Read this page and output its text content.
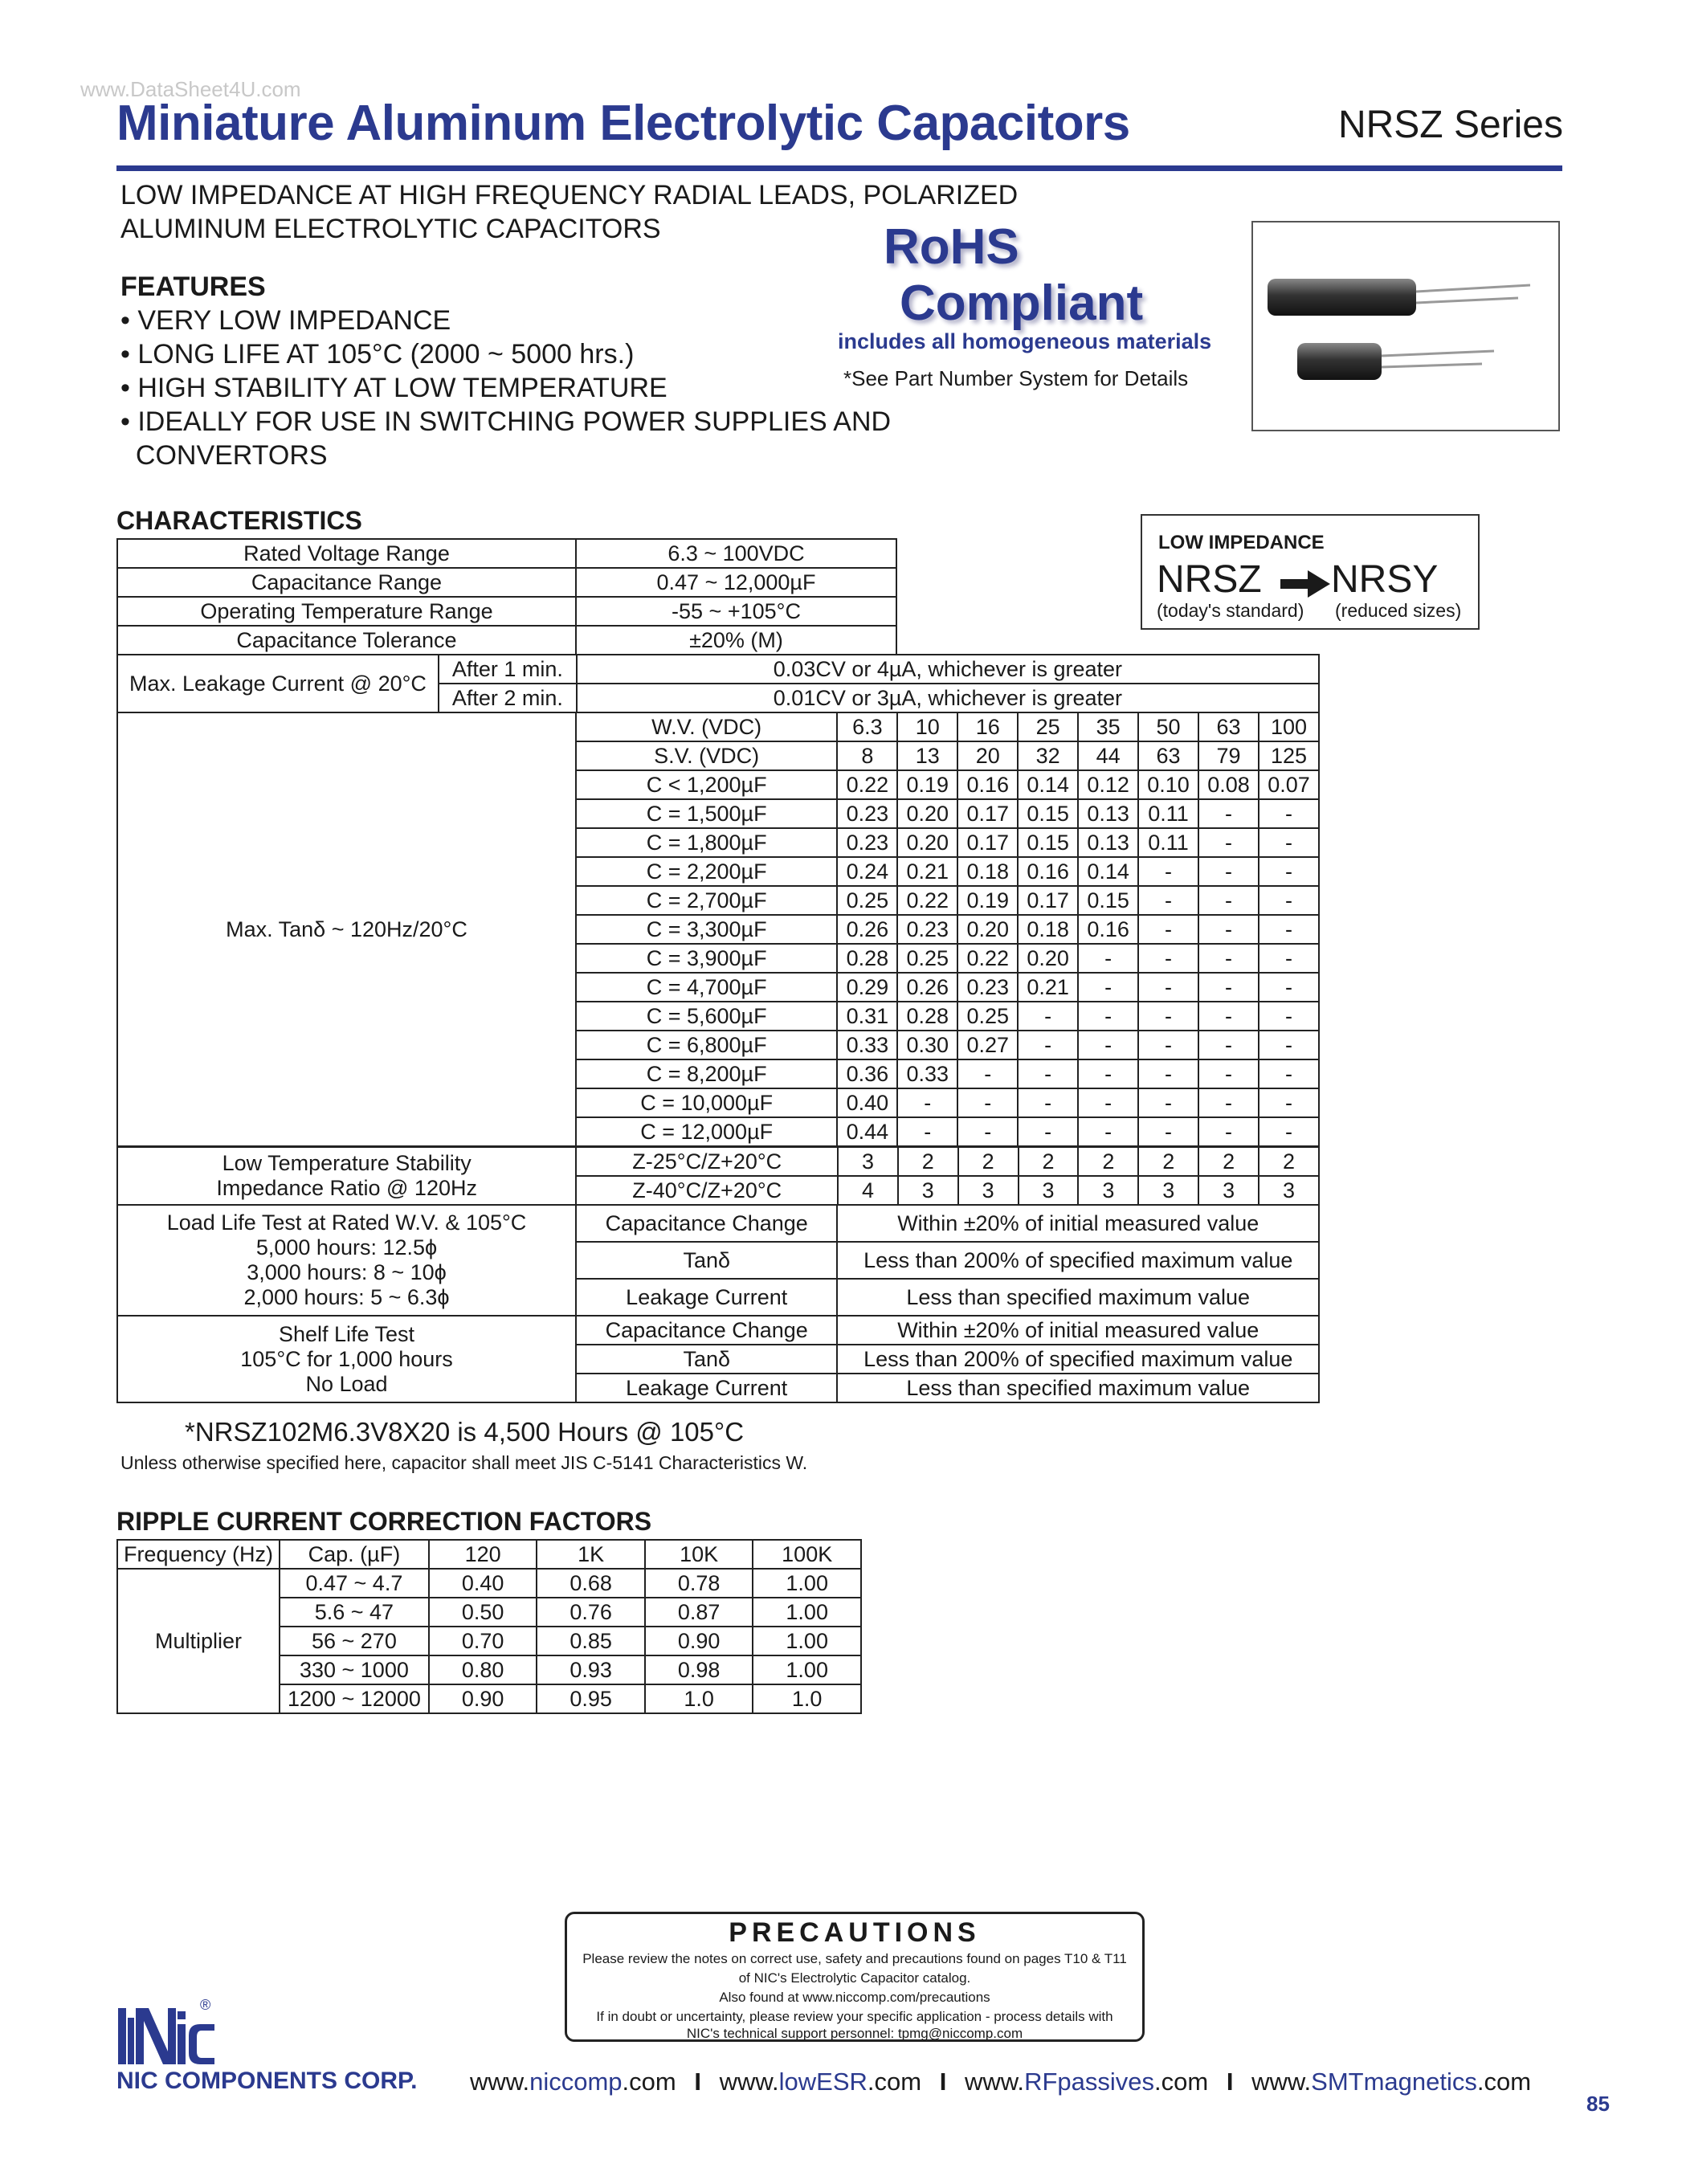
www.DataSheet4U.com
Miniature Aluminum Electrolytic Capacitors	NRSZ Series
LOW IMPEDANCE AT HIGH FREQUENCY RADIAL LEADS, POLARIZED
ALUMINUM ELECTROLYTIC CAPACITORS	RoHS
Compliant
includes all homogeneous materials
*See Part Number System for Details
FEATURES
• VERY LOW IMPEDANCE
• LONG LIFE AT 105°C (2000 ~ 5000 hrs.)
• HIGH STABILITY AT LOW TEMPERATURE
• IDEALLY FOR USE IN SWITCHING POWER SUPPLIES AND
CONVERTORS
CHARACTERISTICS
LOW IMPEDANCE
NRSZ NRSY
(today's standard) (reduced sizes)
Rated Voltage Range	6.3 ~ 100VDC
Capacitance Range	0.47 ~ 12,000µF
Operating Temperature Range	-55 ~ +105°C
Capacitance Tolerance	±20% (M)
Max. Leakage Current @ 20°C	After 1 min.	0.03CV or 4µA, whichever is greater
	After 2 min.	0.01CV or 3µA, whichever is greater
Max. Tanδ ~ 120Hz/20°C	W.V. (VDC)	6.3	10	16	25	35	50	63	100
	S.V. (VDC)	8	13	20	32	44	63	79	125
	C < 1,200µF	0.22	0.19	0.16	0.14	0.12	0.10	0.08	0.07
	C = 1,500µF	0.23	0.20	0.17	0.15	0.13	0.11	-	-
	C = 1,800µF	0.23	0.20	0.17	0.15	0.13	0.11	-	-
	C = 2,200µF	0.24	0.21	0.18	0.16	0.14	-	-	-
	C = 2,700µF	0.25	0.22	0.19	0.17	0.15	-	-	-
	C = 3,300µF	0.26	0.23	0.20	0.18	0.16	-	-	-
	C = 3,900µF	0.28	0.25	0.22	0.20	-	-	-	-
	C = 4,700µF	0.29	0.26	0.23	0.21	-	-	-	-
	C = 5,600µF	0.31	0.28	0.25	-	-	-	-	-
	C = 6,800µF	0.33	0.30	0.27	-	-	-	-	-
	C = 8,200µF	0.36	0.33	-	-	-	-	-	-
	C = 10,000µF	0.40	-	-	-	-	-	-	-
	C = 12,000µF	0.44	-	-	-	-	-	-	-
Low Temperature Stability
Impedance Ratio @ 120Hz	Z-25°C/Z+20°C	3	2	2	2	2	2	2	2
	Z-40°C/Z+20°C	4	3	3	3	3	3	3	3
Load Life Test at Rated W.V. & 105°C
5,000 hours: 12.5ϕ
3,000 hours: 8 ~ 10ϕ
2,000 hours: 5 ~ 6.3ϕ	Capacitance Change	Within ±20% of initial measured value
	Tanδ	Less than 200% of specified maximum value
	Leakage Current	Less than specified maximum value

Shelf Life Test
105°C for 1,000 hours
No Load	Capacitance Change	Within ±20% of initial measured value
	Tanδ	Less than 200% of specified maximum value
	Leakage Current	Less than specified maximum value
*NRSZ102M6.3V8X20 is 4,500 Hours @ 105°C
Unless otherwise specified here, capacitor shall meet JIS C-5141 Characteristics W.
RIPPLE CURRENT CORRECTION FACTORS
Frequency (Hz)	Cap. (µF)	120	1K	10K	100K
Multiplier	0.47 ~ 4.7	0.40	0.68	0.78	1.00
	5.6 ~ 47	0.50	0.76	0.87	1.00
	56 ~ 270	0.70	0.85	0.90	1.00
	330 ~ 1000	0.80	0.93	0.98	1.00
	1200 ~ 12000	0.90	0.95	1.0	1.0
PRECAUTIONS
Please review the notes on correct use, safety and precautions found on pages T10 & T11
of NIC's Electrolytic Capacitor catalog.
Also found at www.niccomp.com/precautions
If in doubt or uncertainty, please review your specific application - process details with
NIC's technical support personnel: tpmg@niccomp.com
®
NIC COMPONENTS CORP. www.niccomp.com I www.lowESR.com I www.RFpassives.com I www.SMTmagnetics.com
85
